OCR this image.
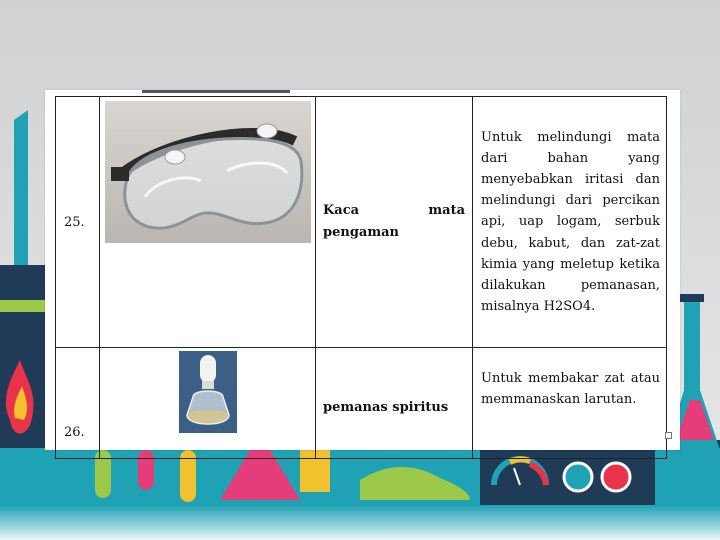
25.		Kaca mata pengaman	Untuk melindungi mata dari bahan yang menyebabkan iritasi dan melindungi dari percikan api, uap logam, serbuk debu, kabut, dan zat-zat kimia yang meletup ketika dilakukan pemanasan, misalnya H2SO4.
26.		pemanas spiritus	Untuk membakar zat atau memmanaskan larutan.
